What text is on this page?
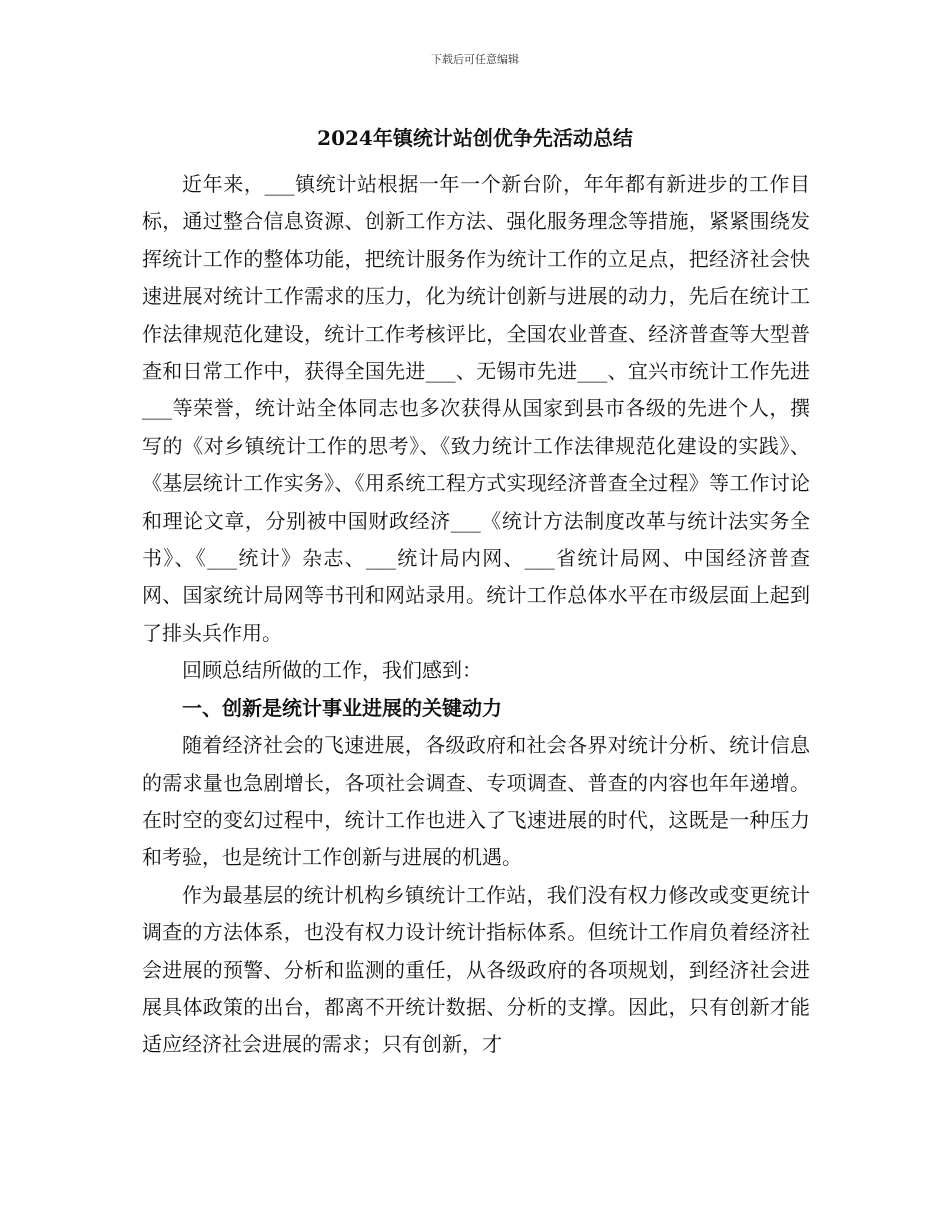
下载后可任意编辑
2024年镇统计站创优争先活动总结

近年来，___镇统计站根据一年一个新台阶，年年都有新进步的工作目标，通过整合信息资源、创新工作方法、强化服务理念等措施，紧紧围绕发挥统计工作的整体功能，把统计服务作为统计工作的立足点，把经济社会快速进展对统计工作需求的压力，化为统计创新与进展的动力，先后在统计工作法律规范化建设，统计工作考核评比，全国农业普查、经济普查等大型普查和日常工作中，获得全国先进___、无锡市先进___、宜兴市统计工作先进___等荣誉，统计站全体同志也多次获得从国家到县市各级的先进个人，撰写的《对乡镇统计工作的思考》、《致力统计工作法律规范化建设的实践》、《基层统计工作实务》、《用系统工程方式实现经济普查全过程》等工作讨论和理论文章，分别被中国财政经济___《统计方法制度改革与统计法实务全书》、《___统计》杂志、___统计局内网、___省统计局网、中国经济普查网、国家统计局网等书刊和网站录用。统计工作总体水平在市级层面上起到了排头兵作用。

回顾总结所做的工作，我们感到：

一、创新是统计事业进展的关键动力

随着经济社会的飞速进展，各级政府和社会各界对统计分析、统计信息的需求量也急剧增长，各项社会调查、专项调查、普查的内容也年年递增。在时空的变幻过程中，统计工作也进入了飞速进展的时代，这既是一种压力和考验，也是统计工作创新与进展的机遇。

作为最基层的统计机构乡镇统计工作站，我们没有权力修改或变更统计调查的方法体系，也没有权力设计统计指标体系。但统计工作肩负着经济社会进展的预警、分析和监测的重任，从各级政府的各项规划，到经济社会进展具体政策的出台，都离不开统计数据、分析的支撑。因此，只有创新才能适应经济社会进展的需求；只有创新，才
